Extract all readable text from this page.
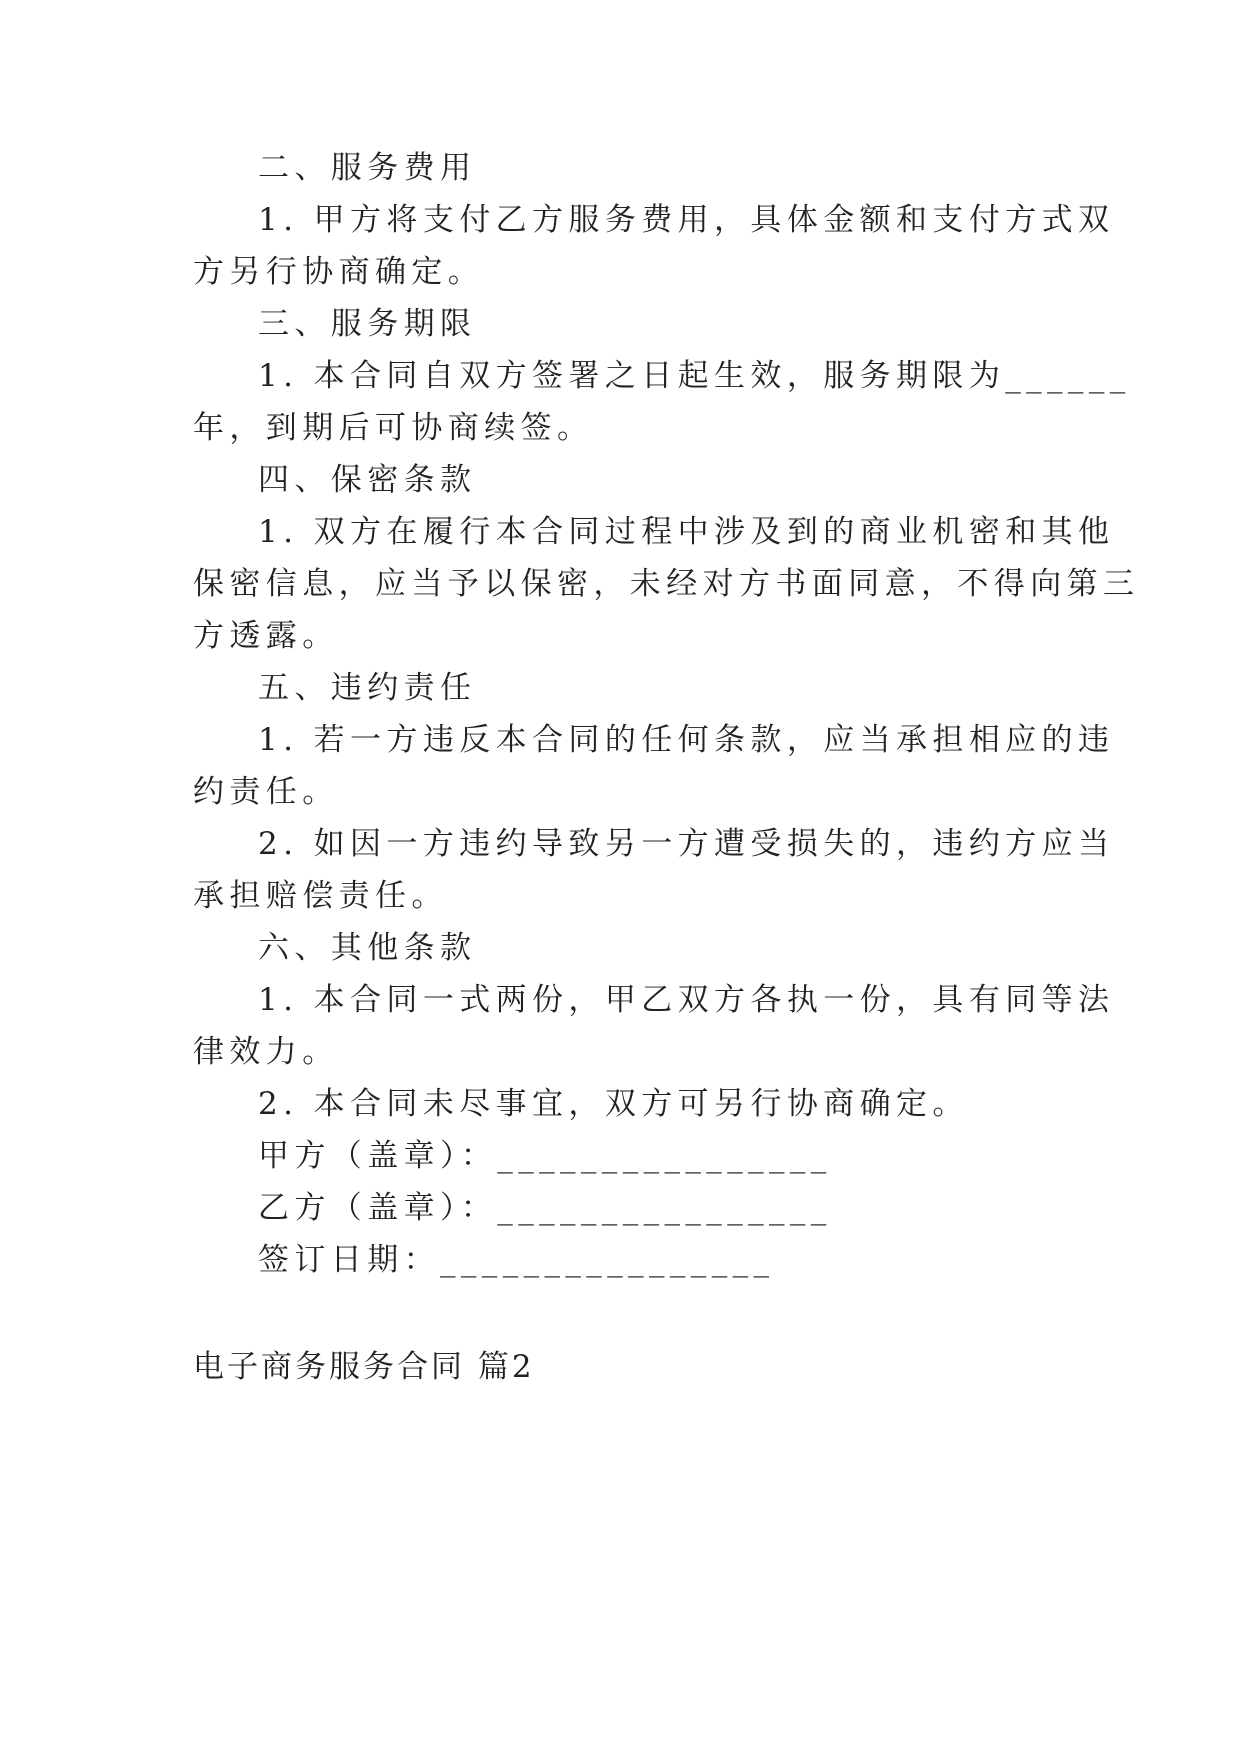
二、服务费用
1. 甲方将支付乙方服务费用，具体金额和支付方式双
方另行协商确定。
三、服务期限
1. 本合同自双方签署之日起生效，服务期限为______
年，到期后可协商续签。
四、保密条款
1. 双方在履行本合同过程中涉及到的商业机密和其他
保密信息，应当予以保密，未经对方书面同意，不得向第三
方透露。
五、违约责任
1. 若一方违反本合同的任何条款，应当承担相应的违
约责任。
2. 如因一方违约导致另一方遭受损失的，违约方应当
承担赔偿责任。
六、其他条款
1. 本合同一式两份，甲乙双方各执一份，具有同等法
律效力。
2. 本合同未尽事宜，双方可另行协商确定。
甲方（盖章）：________________
乙方（盖章）：________________
签订日期：________________
电子商务服务合同 篇2
